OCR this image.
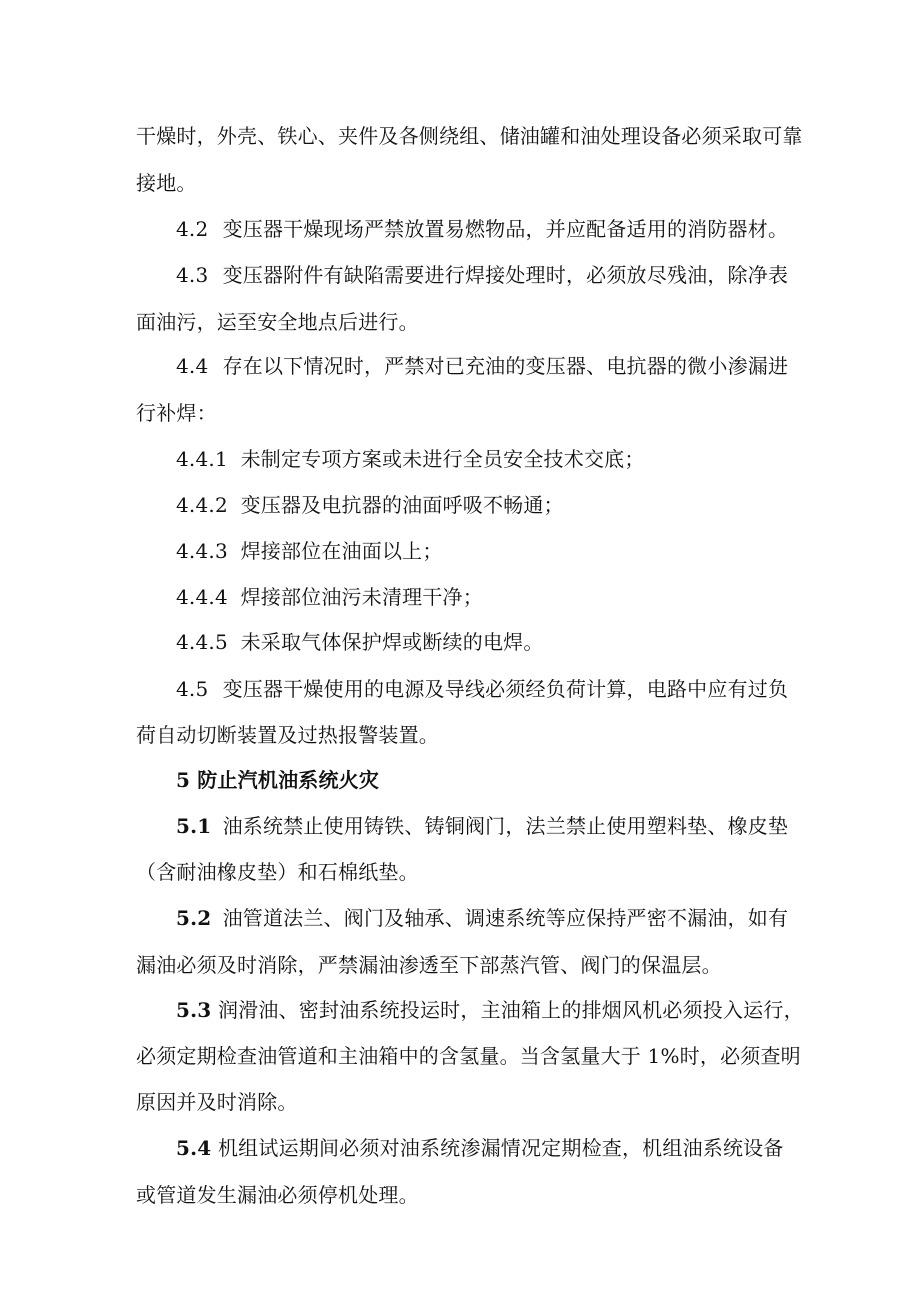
干燥时，外壳、铁心、夹件及各侧绕组、储油罐和油处理设备必须采取可靠
接地。
4.2 变压器干燥现场严禁放置易燃物品，并应配备适用的消防器材。
4.3 变压器附件有缺陷需要进行焊接处理时，必须放尽残油，除净表
面油污，运至安全地点后进行。
4.4 存在以下情况时，严禁对已充油的变压器、电抗器的微小渗漏进
行补焊：
4.4.1 未制定专项方案或未进行全员安全技术交底；
4.4.2 变压器及电抗器的油面呼吸不畅通；
4.4.3 焊接部位在油面以上；
4.4.4 焊接部位油污未清理干净；
4.4.5 未采取气体保护焊或断续的电焊。
4.5 变压器干燥使用的电源及导线必须经负荷计算，电路中应有过负
荷自动切断装置及过热报警装置。
5 防止汽机油系统火灾
5.1 油系统禁止使用铸铁、铸铜阀门，法兰禁止使用塑料垫、橡皮垫
（含耐油橡皮垫）和石棉纸垫。
5.2 油管道法兰、阀门及轴承、调速系统等应保持严密不漏油，如有
漏油必须及时消除，严禁漏油渗透至下部蒸汽管、阀门的保温层。
5.3 润滑油、密封油系统投运时，主油箱上的排烟风机必须投入运行，
必须定期检查油管道和主油箱中的含氢量。当含氢量大于 1%时，必须查明
原因并及时消除。
5.4 机组试运期间必须对油系统渗漏情况定期检查，机组油系统设备
或管道发生漏油必须停机处理。
